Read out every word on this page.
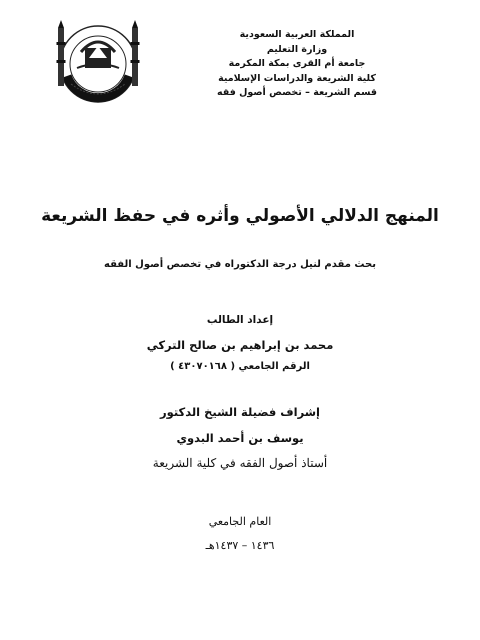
المملكة العربية السعودية
وزارة التعليم
جامعة أم القرى بمكة المكرمة
كلية الشريعة والدراسات الإسلامية
قسم الشريعة – تخصص أصول فقه
المنهج الدلالي الأصولي وأثره في حفظ الشريعة
بحث مقدم لنيل درجة الدكتوراه في تخصص أصول الفقه
إعداد الطالب
محمد بن إبراهيم بن صالح التركي
الرقم الجامعي ( ٤٣٠٧٠١٦٨ )
إشراف فضيلة الشيخ الدكتور
يوسف بن أحمد البدوي
أستاذ أصول الفقه في كلية الشريعة
العام الجامعي
١٤٣٦ – ١٤٣٧هـ
